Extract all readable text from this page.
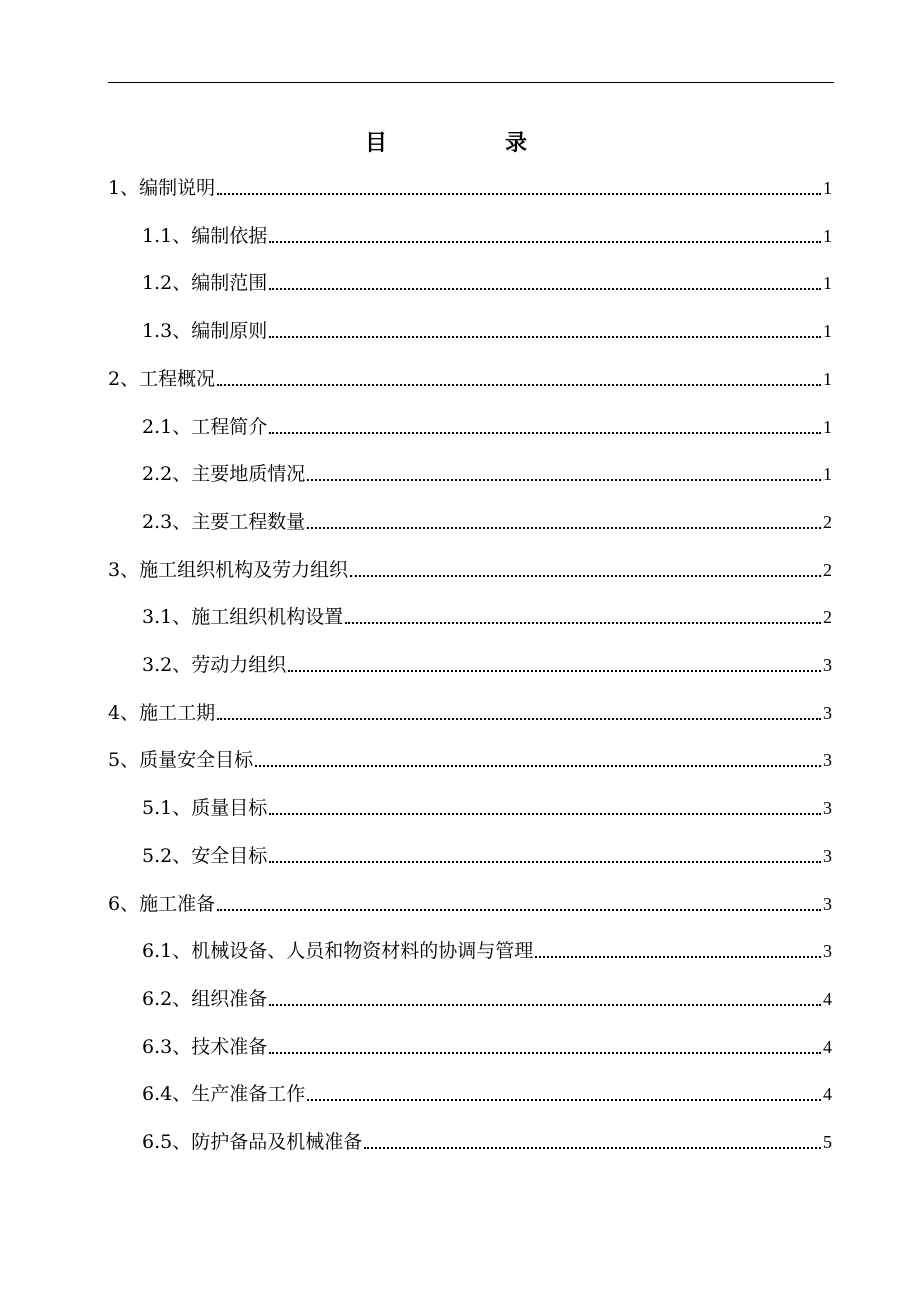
目　录
1、编制说明	1
1.1、编制依据	1
1.2、编制范围	1
1.3、编制原则	1
2、工程概况	1
2.1、工程简介	1
2.2、主要地质情况	1
2.3、主要工程数量	2
3、施工组织机构及劳力组织	2
3.1、施工组织机构设置	2
3.2、劳动力组织	3
4、施工工期	3
5、质量安全目标	3
5.1、质量目标	3
5.2、安全目标	3
6、施工准备	3
6.1、机械设备、人员和物资材料的协调与管理	3
6.2、组织准备	4
6.3、技术准备	4
6.4、生产准备工作	4
6.5、防护备品及机械准备	5
